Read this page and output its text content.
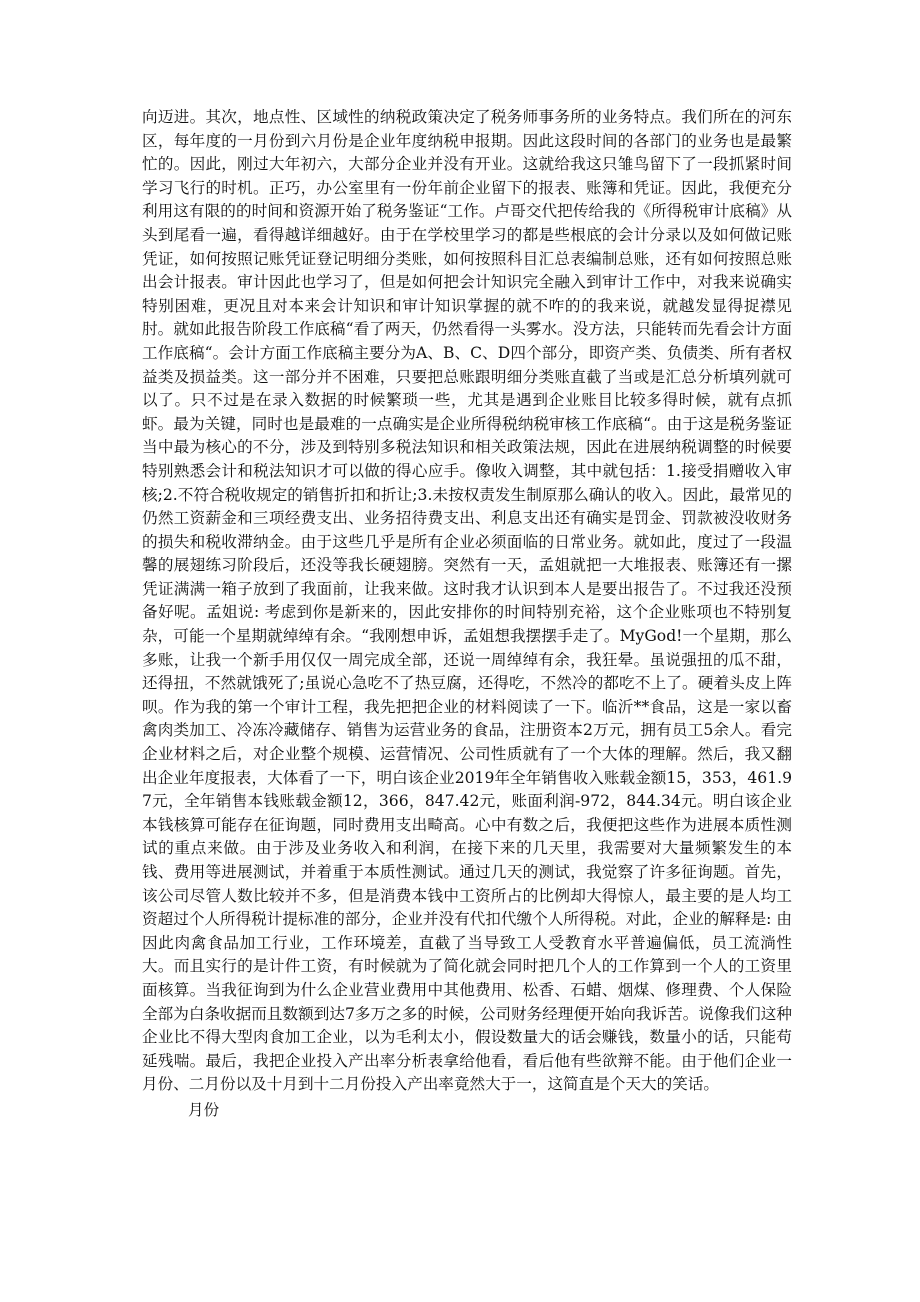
向迈进。其次，地点性、区域性的纳税政策决定了税务师事务所的业务特点。我们所在的河东区，每年度的一月份到六月份是企业年度纳税申报期。因此这段时间的各部门的业务也是最繁忙的。因此，刚过大年初六，大部分企业并没有开业。这就给我这只雏鸟留下了一段抓紧时间学习飞行的时机。正巧，办公室里有一份年前企业留下的报表、账簿和凭证。因此，我便充分利用这有限的的时间和资源开始了税务鉴证“工作。卢哥交代把传给我的《所得税审计底稿》从头到尾看一遍，看得越详细越好。由于在学校里学习的都是些根底的会计分录以及如何做记账凭证，如何按照记账凭证登记明细分类账，如何按照科目汇总表编制总账，还有如何按照总账出会计报表。审计因此也学习了，但是如何把会计知识完全融入到审计工作中，对我来说确实特别困难，更况且对本来会计知识和审计知识掌握的就不咋的的我来说，就越发显得捉襟见肘。就如此报告阶段工作底稿“看了两天，仍然看得一头雾水。没方法，只能转而先看会计方面工作底稿“。会计方面工作底稿主要分为A、B、C、D四个部分，即资产类、负债类、所有者权益类及损益类。这一部分并不困难，只要把总账跟明细分类账直截了当或是汇总分析填列就可以了。只不过是在录入数据的时候繁琐一些，尤其是遇到企业账目比较多得时候，就有点抓虾。最为关键，同时也是最难的一点确实是企业所得税纳税审核工作底稿“。由于这是税务鉴证当中最为核心的不分，涉及到特别多税法知识和相关政策法规，因此在进展纳税调整的时候要特别熟悉会计和税法知识才可以做的得心应手。像收入调整，其中就包括：1.接受捐赠收入审核;2.不符合税收规定的销售折扣和折让;3.未按权责发生制原那么确认的收入。因此，最常见的仍然工资薪金和三项经费支出、业务招待费支出、利息支出还有确实是罚金、罚款被没收财务的损失和税收滞纳金。由于这些几乎是所有企业必须面临的日常业务。就如此，度过了一段温馨的展翅练习阶段后，还没等我长硬翅膀。突然有一天，孟姐就把一大堆报表、账簿还有一摞凭证满满一箱子放到了我面前，让我来做。这时我才认识到本人是要出报告了。不过我还没预备好呢。孟姐说: 考虑到你是新来的，因此安排你的时间特别充裕，这个企业账项也不特别复杂，可能一个星期就绰绰有余。“我刚想申诉，孟姐想我摆摆手走了。MyGod!一个星期，那么多账，让我一个新手用仅仅一周完成全部，还说一周绰绰有余，我狂晕。虽说强扭的瓜不甜，还得扭，不然就饿死了;虽说心急吃不了热豆腐，还得吃，不然冷的都吃不上了。硬着头皮上阵呗。作为我的第一个审计工程，我先把把企业的材料阅读了一下。临沂**食品，这是一家以畜禽肉类加工、冷冻冷藏储存、销售为运营业务的食品，注册资本2万元，拥有员工5余人。看完企业材料之后，对企业整个规模、运营情况、公司性质就有了一个大体的理解。然后，我又翻出企业年度报表，大体看了一下，明白该企业2019年全年销售收入账载金额15，353，461.97元，全年销售本钱账载金额12，366，847.42元，账面利润-972，844.34元。明白该企业本钱核算可能存在征询题，同时费用支出畸高。心中有数之后，我便把这些作为进展本质性测试的重点来做。由于涉及业务收入和利润，在接下来的几天里，我需要对大量频繁发生的本钱、费用等进展测试，并着重于本质性测试。通过几天的测试，我觉察了许多征询题。首先，该公司尽管人数比较并不多，但是消费本钱中工资所占的比例却大得惊人，最主要的是人均工资超过个人所得税计提标准的部分，企业并没有代扣代缴个人所得税。对此，企业的解释是: 由因此肉禽食品加工行业，工作环境差，直截了当导致工人受教育水平普遍偏低，员工流淌性大。而且实行的是计件工资，有时候就为了简化就会同时把几个人的工作算到一个人的工资里面核算。当我征询到为什么企业营业费用中其他费用、松香、石蜡、烟煤、修理费、个人保险全部为白条收据而且数额到达7多万之多的时候，公司财务经理便开始向我诉苦。说像我们这种企业比不得大型肉食加工企业，以为毛利太小，假设数量大的话会赚钱，数量小的话，只能苟延残喘。最后，我把企业投入产出率分析表拿给他看，看后他有些欲辩不能。由于他们企业一月份、二月份以及十月到十二月份投入产出率竟然大于一，这简直是个天大的笑话。

月份
